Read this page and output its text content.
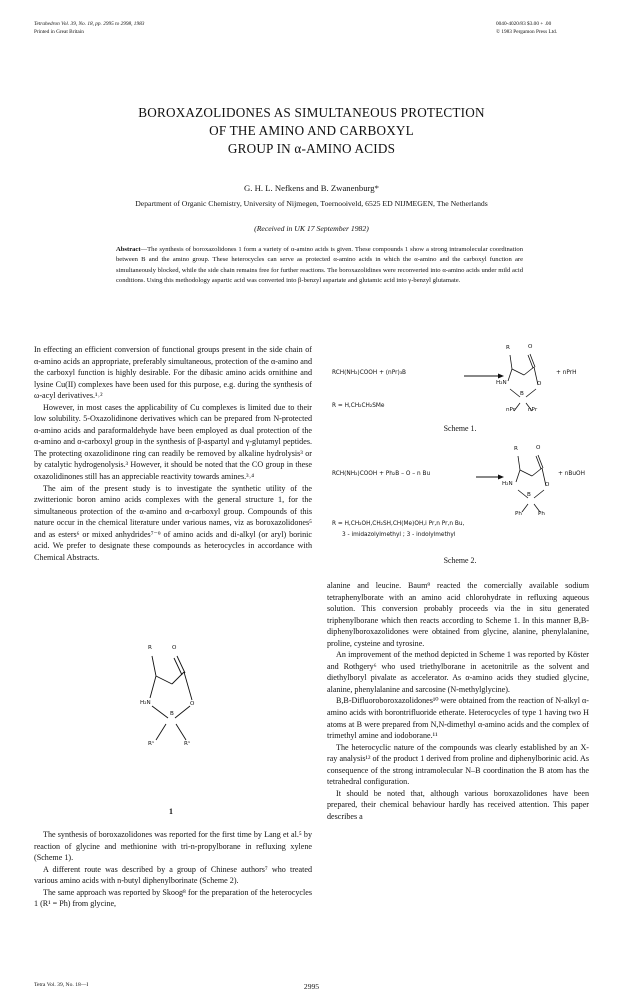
Tetrahedron Vol. 39, No. 18, pp. 2995 to 2998, 1983
Printed in Great Britain
0040-4020/83 $3.00 + .00
© 1983 Pergamon Press Ltd.
BOROXAZOLIDONES AS SIMULTANEOUS PROTECTION
OF THE AMINO AND CARBOXYL
GROUP IN α-AMINO ACIDS
G. H. L. Nefkens and B. Zwanenburg*
Department of Organic Chemistry, University of Nijmegen, Toernooiveld, 6525 ED NIJMEGEN, The Netherlands
(Received in UK 17 September 1982)
Abstract—The synthesis of boroxazolidones 1 form a variety of α-amino acids is given. These compounds 1 show a strong intramolecular coordination between B and the amino group. These heterocycles can serve as protected α-amino acids in which the α-amino and the carboxyl function are simultaneously blocked, while the side chain remains free for further reactions. The boroxazolidines were reconverted into α-amino acids under mild acid conditions. Using this methodology aspartic acid was converted into β-benzyl aspartate and glutamic acid into γ-benzyl glutamate.

In effecting an efficient conversion of functional groups present in the side chain of α-amino acids an appropriate, preferably simultaneous, protection of the α-amino and the carboxyl function is highly desirable. For the dibasic amino acids ornithine and lysine Cu(II) complexes have been used for this purpose, e.g. during the synthesis of ω-acyl derivatives.¹˒²

However, in most cases the applicability of Cu complexes is limited due to their low solubility. 5-Oxazolidinone derivatives which can be prepared from N-protected α-amino acids and paraformaldehyde have been employed as dual protection of the α-amino and α-carboxyl group in the synthesis of β-aspartyl and γ-glutamyl peptides. The protecting oxazolidinone ring can readily be removed by alkaline hydrolysis³ or by catalytic hydrogenolysis.³ However, it should be noted that the CO group in these oxazolidinones still has an appreciable reactivity towards amines.³˒⁴

The aim of the present study is to investigate the synthetic utility of the zwitterionic boron amino acids complexes with the general structure 1, for the simultaneous protection of the α-amino and α-carboxyl group. Compounds of this nature occur in the chemical literature under various names, viz as boroxazolidones⁵ and as esters⁶ or mixed anhydrides⁷⁻⁹ of amino acids and di-alkyl (or aryl) borinic acid. We prefer to designate these compounds as heterocycles in accordance with Chemical Abstracts.

R	O
H₂N	O
B
R¹	R¹
1

The synthesis of boroxazolidones was reported for the first time by Lang et al.⁵ by reaction of glycine and methionine with tri-n-propylborane in refluxing xylene (Scheme 1).

A different route was described by a group of Chinese authors⁷ who treated various amino acids with n-butyl diphenylborinate (Scheme 2).

The same approach was reported by Skoog⁸ for the preparation of the heterocycles 1 (R¹ = Ph) from glycine,

RCH(NH₂)COOH + (nPr)₃B
R	O
H₂N	O
B
nPr nPr
+ nPrH
R = H,CH₂CH₂SMe
Scheme 1.
RCH(NH₂)COOH + Ph₂B – O – n Bu
R	O
H₂N	O
B
Ph	Ph
+ nBuOH
R = H,CH₂OH,CH₂SH,CH(Me)OH,i Pr,n Pr,n Bu,
3 - imidazolylmethyl ; 3 - indolylmethyl
Scheme 2.

alanine and leucine. Baum⁹ reacted the comercially available sodium tetraphenylborate with an amino acid chlorohydrate in refluxing aqueous solution. This conversion probably proceeds via the in situ generated triphenylborane which then reacts according to Scheme 1. In this manner B,B-diphenylboroxazolidones were obtained from glycine, alanine, phenylalanine, proline, cysteine and tyrosine.

An improvement of the method depicted in Scheme 1 was reported by Köster and Rothgery⁶ who used triethylborane in acetonitrile as the solvent and diethylboryl pivalate as accelerator. As α-amino acids they studied glycine, alanine, phenylalanine and sarcosine (N-methylglycine).

B,B-Difluoroboroxazolidones¹⁰ were obtained from the reaction of N-alkyl α-amino acids with borontrifluoride etherate. Heterocycles of type 1 having two H atoms at B were prepared from N,N-dimethyl α-amino acids and the complex of trimethyl amine and iodoborane.¹¹

The heterocyclic nature of the compounds was clearly established by an X-ray analysis¹² of the product 1 derived from proline and diphenylborinic acid. As consequence of the strong intramolecular N–B coordination the B atom has the tetrahedral configuration.

It should be noted that, although various boroxazolidones have been prepared, their chemical behaviour hardly has received attention. This paper describes a

Tetra Vol. 39, No. 18—I	2995
